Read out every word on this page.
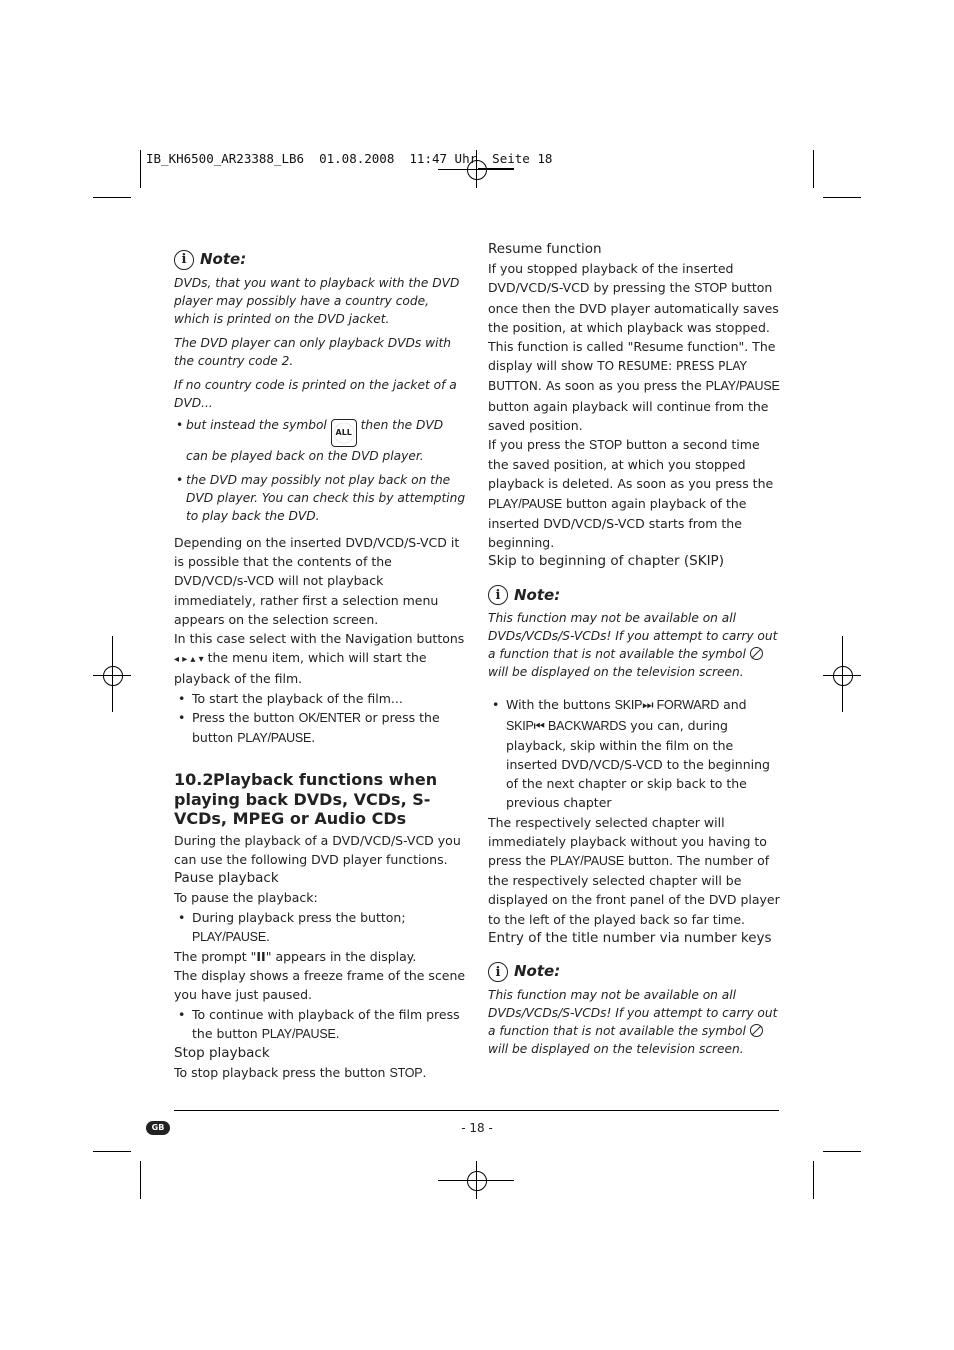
IB_KH6500_AR23388_LB6  01.08.2008  11:47 Uhr  Seite 18
i Note:

DVDs, that you want to playback with the DVD player may possibly have a country code, which is printed on the DVD jacket.

The DVD player can only playback DVDs with the country code 2.

If no country code is printed on the jacket of a DVD...

• but instead the symbol ALL then the DVD can be played back on the DVD player.

• the DVD may possibly not play back on the DVD player. You can check this by attempting to play back the DVD.

Depending on the inserted DVD/VCD/S-VCD it is possible that the contents of the DVD/VCD/s-VCD will not playback immediately, rather first a selection menu appears on the selection screen.

In this case select with the Navigation buttons ◂ ▸ ▴ ▾ the menu item, which will start the playback of the film.

• To start the playback of the film...

• Press the button OK/ENTER or press the button PLAY/PAUSE.

10.2Playback functions when playing back DVDs, VCDs, S-VCDs, MPEG or Audio CDs

During the playback of a DVD/VCD/S-VCD you can use the following DVD player functions.

Pause playback

To pause the playback:

• During playback press the button; PLAY/PAUSE.

The prompt "II" appears in the display.

The display shows a freeze frame of the scene you have just paused.

• To continue with playback of the film press the button PLAY/PAUSE.

Stop playback

To stop playback press the button STOP.

Resume function

If you stopped playback of the inserted DVD/VCD/S-VCD by pressing the STOP button once then the DVD player automatically saves the position, at which playback was stopped. This function is called "Resume function". The display will show TO RESUME: PRESS PLAY BUTTON. As soon as you press the PLAY/PAUSE button again playback will continue from the saved position.

If you press the STOP button a second time the saved position, at which you stopped playback is deleted. As soon as you press the PLAY/PAUSE button again playback of the inserted DVD/VCD/S-VCD starts from the beginning.

Skip to beginning of chapter (SKIP)

i Note:

This function may not be available on all DVDs/VCDs/S-VCDs! If you attempt to carry out a function that is not available the symbol  will be displayed on the television screen.

• With the buttons SKIP⏭ FORWARD and SKIP⏮ BACKWARDS you can, during playback, skip within the film on the inserted DVD/VCD/S-VCD to the beginning of the next chapter or skip back to the previous chapter

The respectively selected chapter will immediately playback without you having to press the PLAY/PAUSE button. The number of the respectively selected chapter will be displayed on the front panel of the DVD player to the left of the played back so far time.

Entry of the title number via number keys

i Note:

This function may not be available on all DVDs/VCDs/S-VCDs! If you attempt to carry out a function that is not available the symbol  will be displayed on the television screen.

GB	- 18 -
